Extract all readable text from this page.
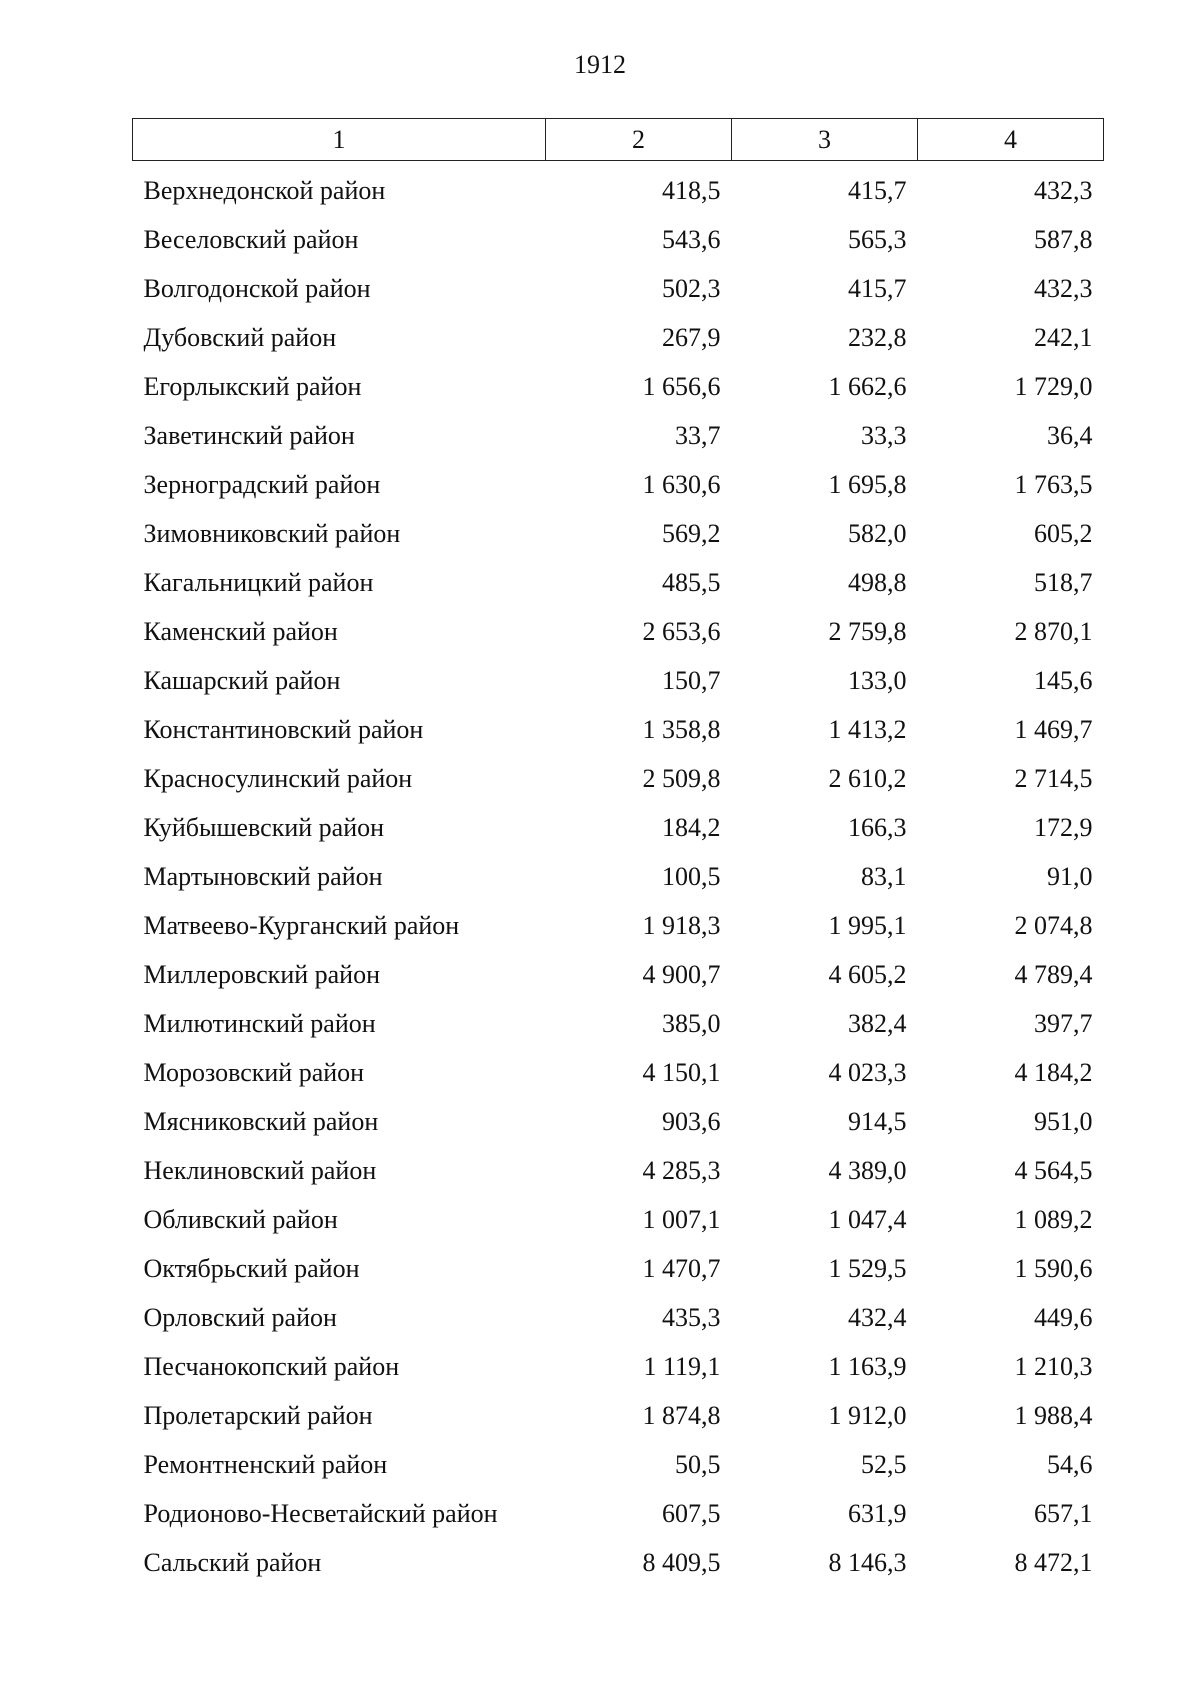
1912
1	2	3	4
Верхнедонской район	418,5	415,7	432,3
Веселовский район	543,6	565,3	587,8
Волгодонской район	502,3	415,7	432,3
Дубовский район	267,9	232,8	242,1
Егорлыкский район	1 656,6	1 662,6	1 729,0
Заветинский район	33,7	33,3	36,4
Зерноградский район	1 630,6	1 695,8	1 763,5
Зимовниковский район	569,2	582,0	605,2
Кагальницкий район	485,5	498,8	518,7
Каменский район	2 653,6	2 759,8	2 870,1
Кашарский район	150,7	133,0	145,6
Константиновский район	1 358,8	1 413,2	1 469,7
Красносулинский район	2 509,8	2 610,2	2 714,5
Куйбышевский район	184,2	166,3	172,9
Мартыновский район	100,5	83,1	91,0
Матвеево-Курганский район	1 918,3	1 995,1	2 074,8
Миллеровский район	4 900,7	4 605,2	4 789,4
Милютинский район	385,0	382,4	397,7
Морозовский район	4 150,1	4 023,3	4 184,2
Мясниковский район	903,6	914,5	951,0
Неклиновский район	4 285,3	4 389,0	4 564,5
Обливский район	1 007,1	1 047,4	1 089,2
Октябрьский район	1 470,7	1 529,5	1 590,6
Орловский район	435,3	432,4	449,6
Песчанокопский район	1 119,1	1 163,9	1 210,3
Пролетарский район	1 874,8	1 912,0	1 988,4
Ремонтненский район	50,5	52,5	54,6
Родионово-Несветайский район	607,5	631,9	657,1
Сальский район	8 409,5	8 146,3	8 472,1
